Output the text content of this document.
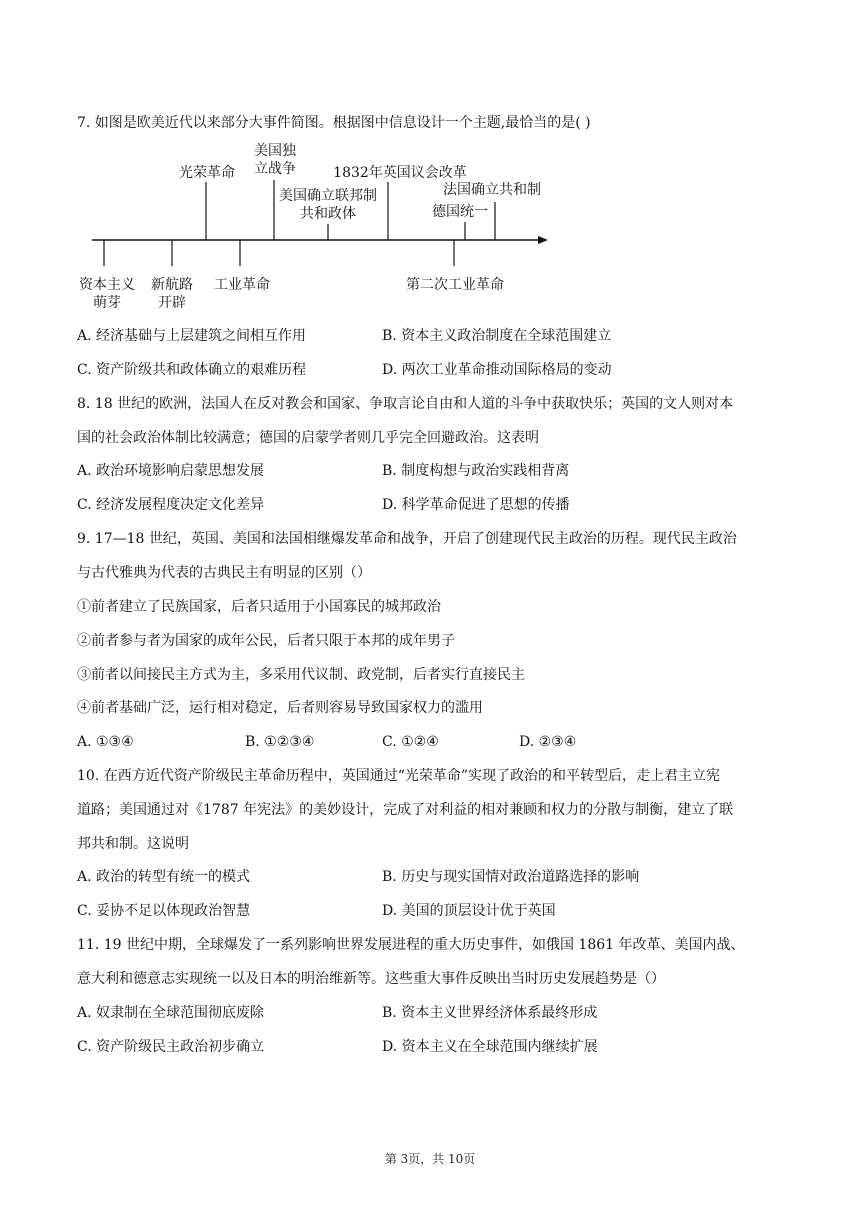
7. 如图是欧美近代以来部分大事件简图。根据图中信息设计一个主题,最恰当的是( )
光荣革命
美国独
立战争
美国确立联邦制
共和政体
1832年英国议会改革
德国统一
法国确立共和制
资本主义
萌芽
新航路
开辟
工业革命	第二次工业革命
A. 经济基础与上层建筑之间相互作用	B. 资本主义政治制度在全球范围建立
C. 资产阶级共和政体确立的艰难历程	D. 两次工业革命推动国际格局的变动
8. 18 世纪的欧洲，法国人在反对教会和国家、争取言论自由和人道的斗争中获取快乐；英国的文人则对本
国的社会政治体制比较满意；德国的启蒙学者则几乎完全回避政治。这表明
A. 政治环境影响启蒙思想发展	B. 制度构想与政治实践相背离
C. 经济发展程度决定文化差异	D. 科学革命促进了思想的传播
9. 17—18 世纪，英国、美国和法国相继爆发革命和战争，开启了创建现代民主政治的历程。现代民主政治
与古代雅典为代表的古典民主有明显的区别（）
①前者建立了民族国家，后者只适用于小国寡民的城邦政治
②前者参与者为国家的成年公民，后者只限于本邦的成年男子
③前者以间接民主方式为主，多采用代议制、政党制，后者实行直接民主
④前者基础广泛，运行相对稳定，后者则容易导致国家权力的滥用
A. ①③④	B. ①②③④	C. ①②④	D. ②③④
10. 在西方近代资产阶级民主革命历程中，英国通过“光荣革命”实现了政治的和平转型后，走上君主立宪
道路；美国通过对《1787 年宪法》的美妙设计，完成了对利益的相对兼顾和权力的分散与制衡，建立了联
邦共和制。这说明
A. 政治的转型有统一的模式	B. 历史与现实国情对政治道路选择的影响
C. 妥协不足以体现政治智慧	D. 美国的顶层设计优于英国
11. 19 世纪中期，全球爆发了一系列影响世界发展进程的重大历史事件，如俄国 1861 年改革、美国内战、
意大利和德意志实现统一以及日本的明治维新等。这些重大事件反映出当时历史发展趋势是（）
A. 奴隶制在全球范围彻底废除	B. 资本主义世界经济体系最终形成
C. 资产阶级民主政治初步确立	D. 资本主义在全球范围内继续扩展
第 3页，共 10页
